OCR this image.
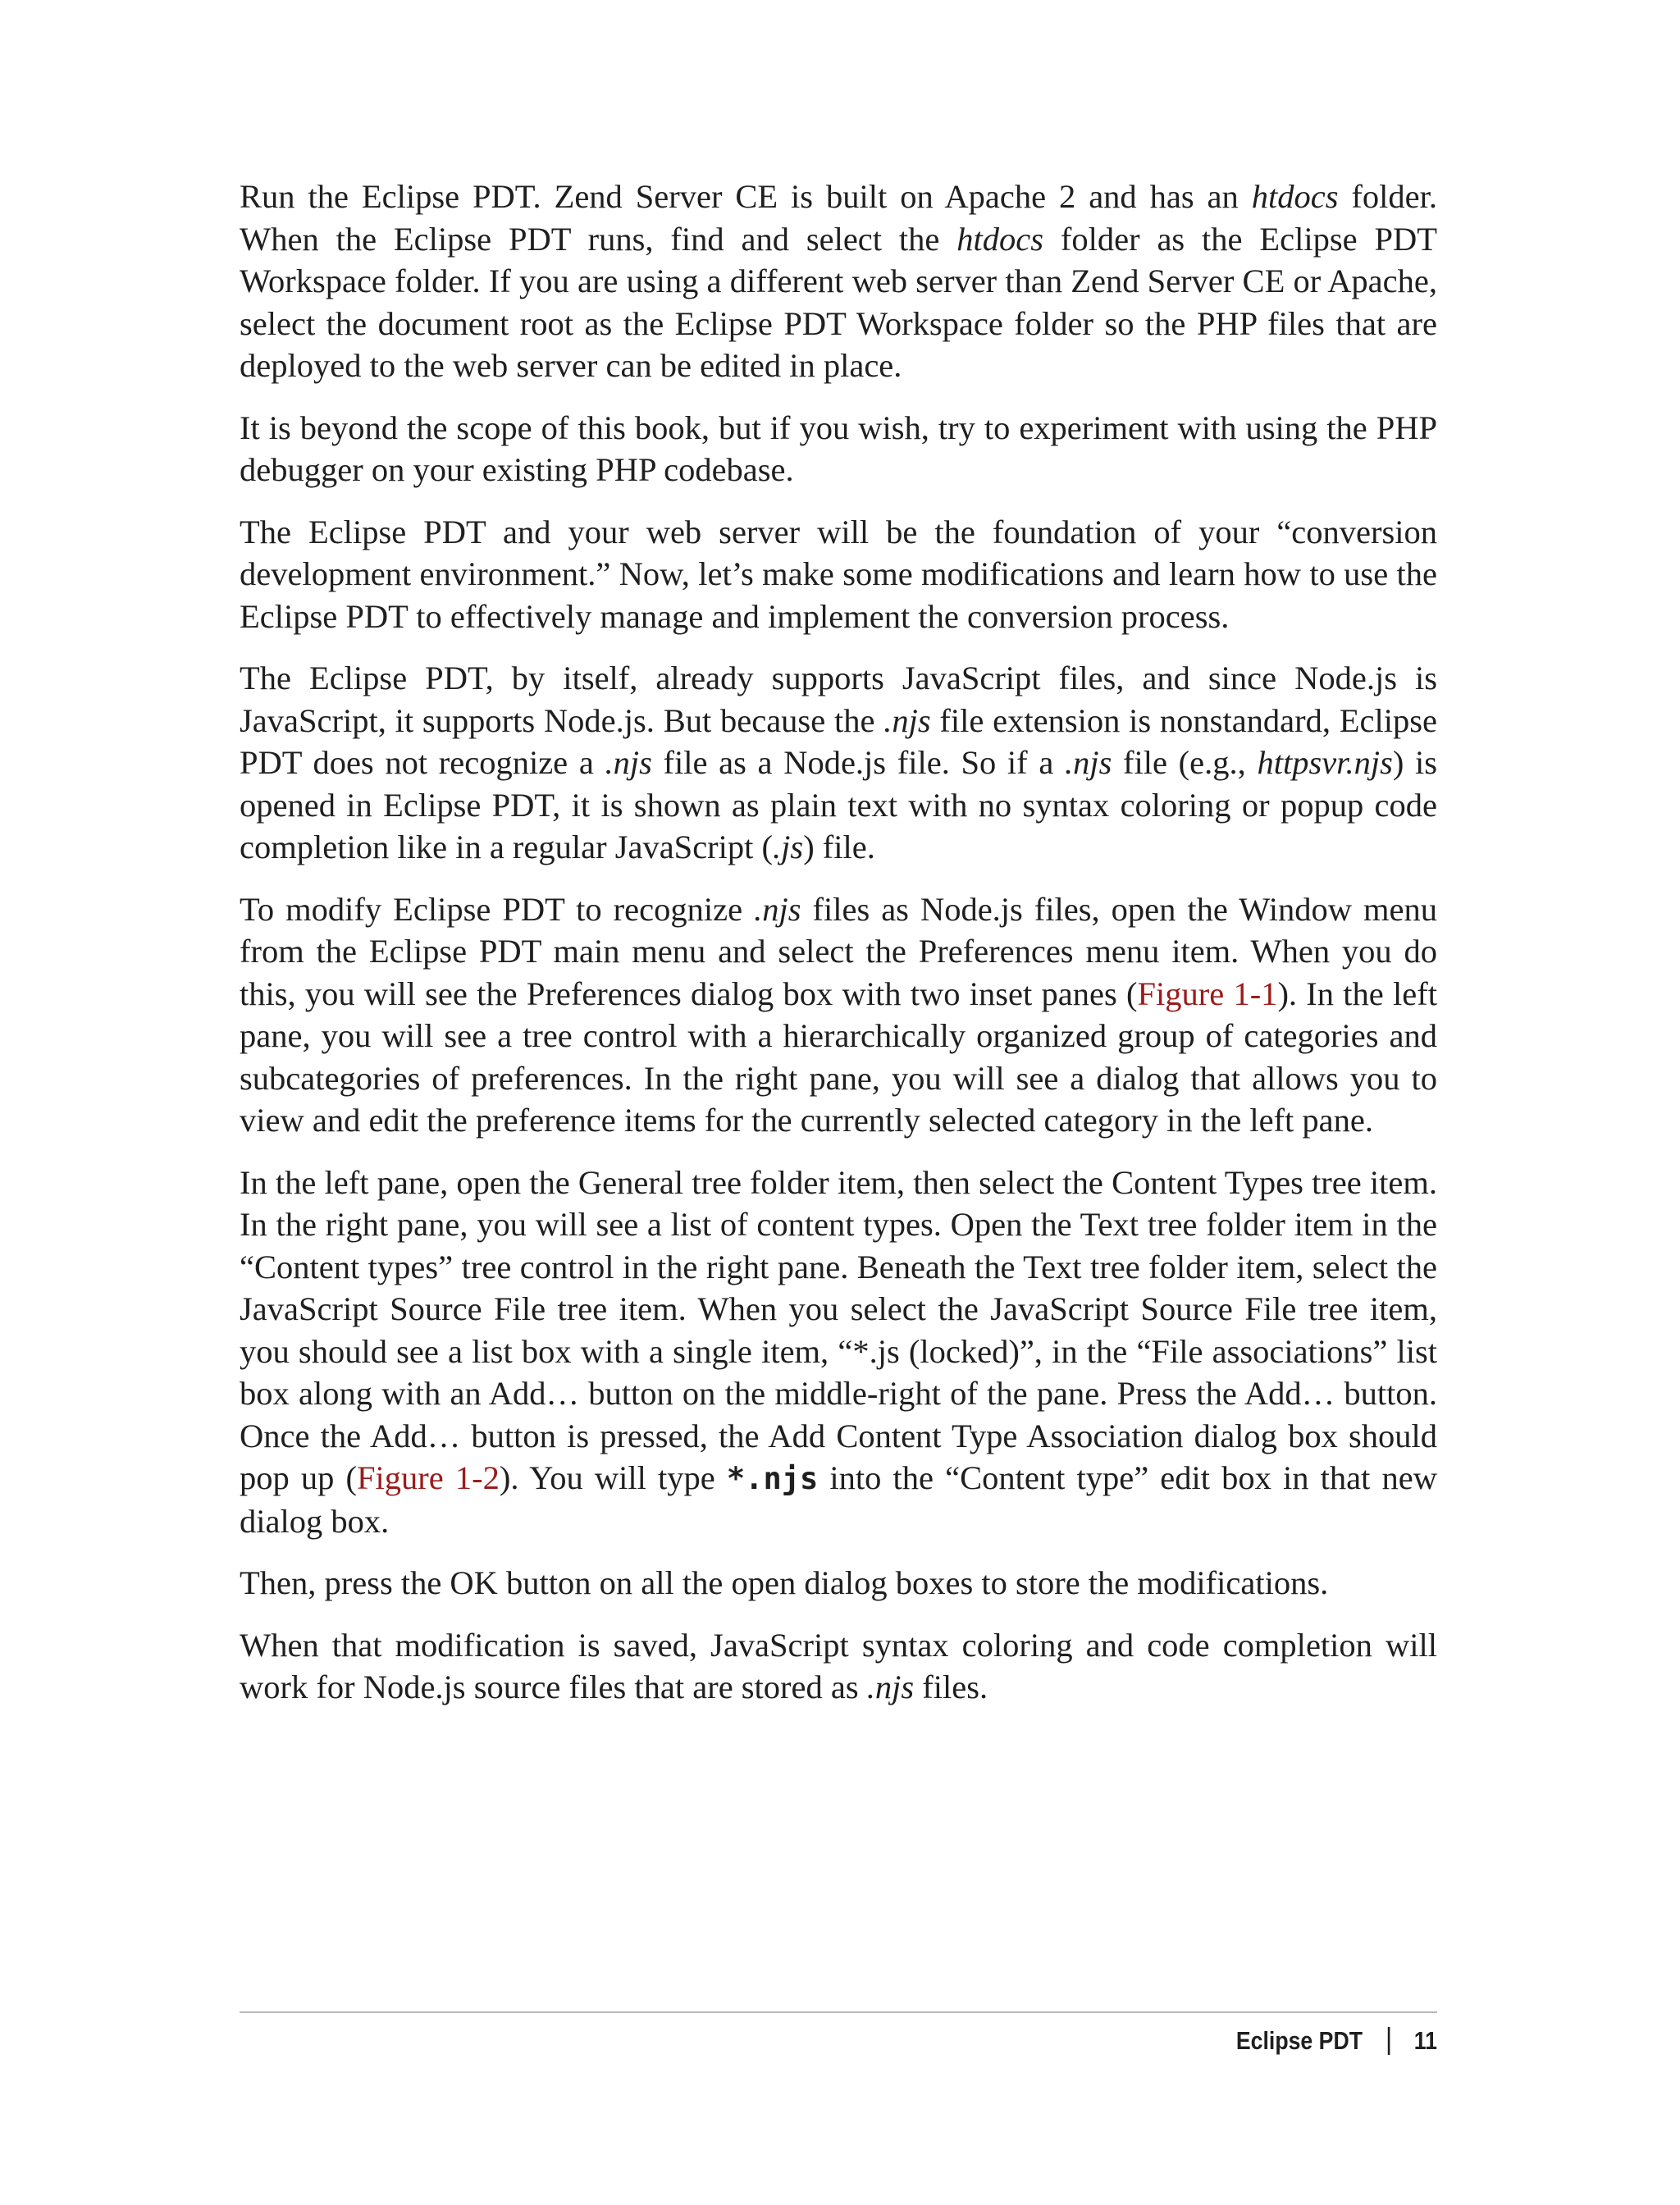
Run the Eclipse PDT. Zend Server CE is built on Apache 2 and has an htdocs folder. When the Eclipse PDT runs, find and select the htdocs folder as the Eclipse PDT Workspace folder. If you are using a different web server than Zend Server CE or Apache, select the document root as the Eclipse PDT Workspace folder so the PHP files that are deployed to the web server can be edited in place.

It is beyond the scope of this book, but if you wish, try to experiment with using the PHP debugger on your existing PHP codebase.

The Eclipse PDT and your web server will be the foundation of your “conversion development environment.” Now, let’s make some modifications and learn how to use the Eclipse PDT to effectively manage and implement the conversion process.

The Eclipse PDT, by itself, already supports JavaScript files, and since Node.js is JavaScript, it supports Node.js. But because the .njs file extension is nonstandard, Eclipse PDT does not recognize a .njs file as a Node.js file. So if a .njs file (e.g., httpsvr.njs) is opened in Eclipse PDT, it is shown as plain text with no syntax coloring or popup code completion like in a regular JavaScript (.js) file.

To modify Eclipse PDT to recognize .njs files as Node.js files, open the Window menu from the Eclipse PDT main menu and select the Preferences menu item. When you do this, you will see the Preferences dialog box with two inset panes (Figure 1-1). In the left pane, you will see a tree control with a hierarchically organized group of categories and subcategories of preferences. In the right pane, you will see a dialog that allows you to view and edit the preference items for the currently selected category in the left pane.

In the left pane, open the General tree folder item, then select the Content Types tree item. In the right pane, you will see a list of content types. Open the Text tree folder item in the “Content types” tree control in the right pane. Beneath the Text tree folder item, select the JavaScript Source File tree item. When you select the JavaScript Source File tree item, you should see a list box with a single item, “*.js (locked)”, in the “File associations” list box along with an Add… button on the middle-right of the pane. Press the Add… button. Once the Add… button is pressed, the Add Content Type Association dialog box should pop up (Figure 1-2). You will type *.njs into the “Content type” edit box in that new dialog box.

Then, press the OK button on all the open dialog boxes to store the modifications.

When that modification is saved, JavaScript syntax coloring and code completion will work for Node.js source files that are stored as .njs files.

Eclipse PDT 11
